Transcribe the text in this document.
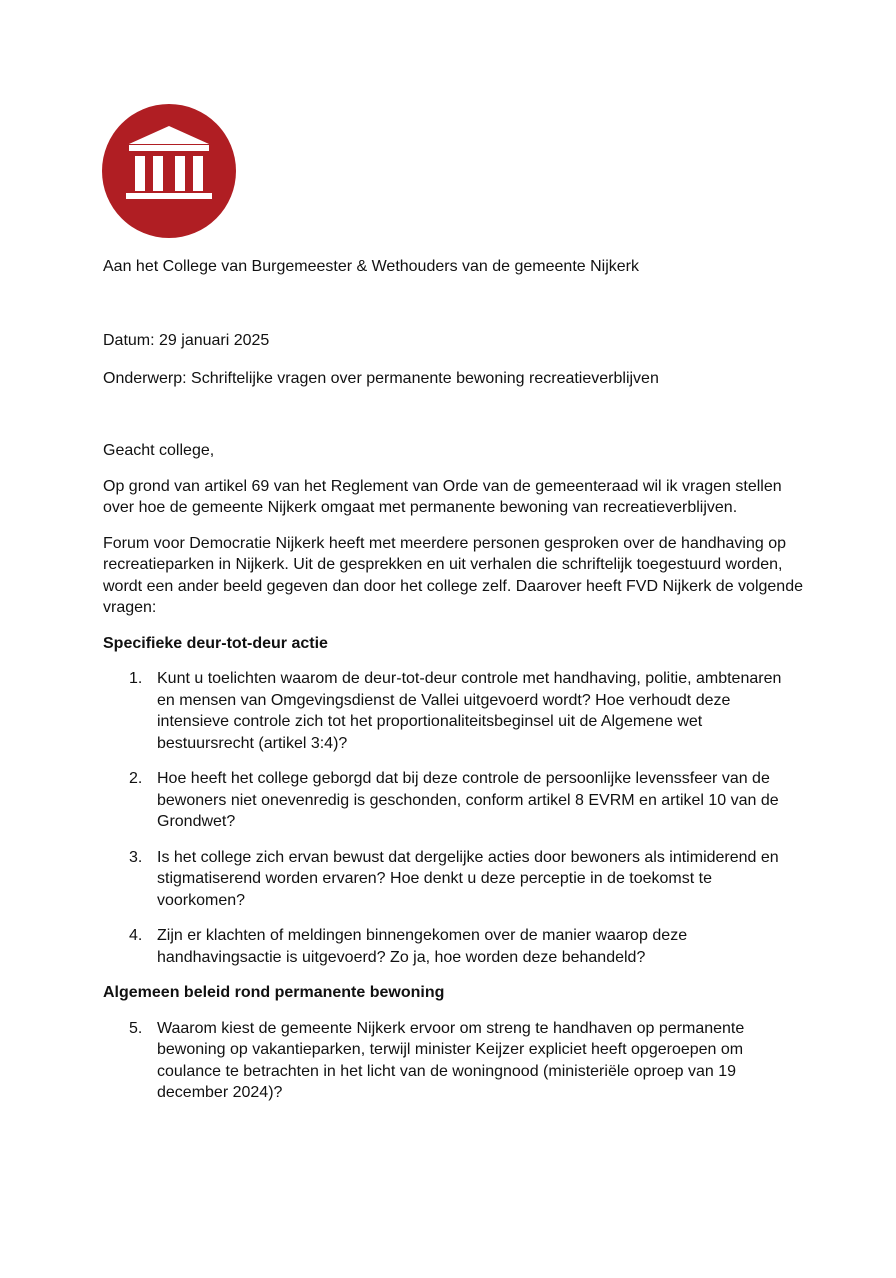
Aan het College van Burgemeester & Wethouders van de gemeente Nijkerk
Datum: 29 januari 2025
Onderwerp: Schriftelijke vragen over permanente bewoning recreatieverblijven

Geacht college,

Op grond van artikel 69 van het Reglement van Orde van de gemeenteraad wil ik vragen stellen over hoe de gemeente Nijkerk omgaat met permanente bewoning van recreatieverblijven.

Forum voor Democratie Nijkerk heeft met meerdere personen gesproken over de handhaving op recreatieparken in Nijkerk. Uit de gesprekken en uit verhalen die schriftelijk toegestuurd worden, wordt een ander beeld gegeven dan door het college zelf. Daarover heeft FVD Nijkerk de volgende vragen:

Specifieke deur-tot-deur actie
1. Kunt u toelichten waarom de deur-tot-deur controle met handhaving, politie, ambtenaren en mensen van Omgevingsdienst de Vallei uitgevoerd wordt? Hoe verhoudt deze intensieve controle zich tot het proportionaliteitsbeginsel uit de Algemene wet bestuursrecht (artikel 3:4)?
2. Hoe heeft het college geborgd dat bij deze controle de persoonlijke levenssfeer van de bewoners niet onevenredig is geschonden, conform artikel 8 EVRM en artikel 10 van de Grondwet?
3. Is het college zich ervan bewust dat dergelijke acties door bewoners als intimiderend en stigmatiserend worden ervaren? Hoe denkt u deze perceptie in de toekomst te voorkomen?
4. Zijn er klachten of meldingen binnengekomen over de manier waarop deze handhavingsactie is uitgevoerd? Zo ja, hoe worden deze behandeld?
Algemeen beleid rond permanente bewoning
5. Waarom kiest de gemeente Nijkerk ervoor om streng te handhaven op permanente bewoning op vakantieparken, terwijl minister Keijzer expliciet heeft opgeroepen om coulance te betrachten in het licht van de woningnood (ministeriële oproep van 19 december 2024)?
